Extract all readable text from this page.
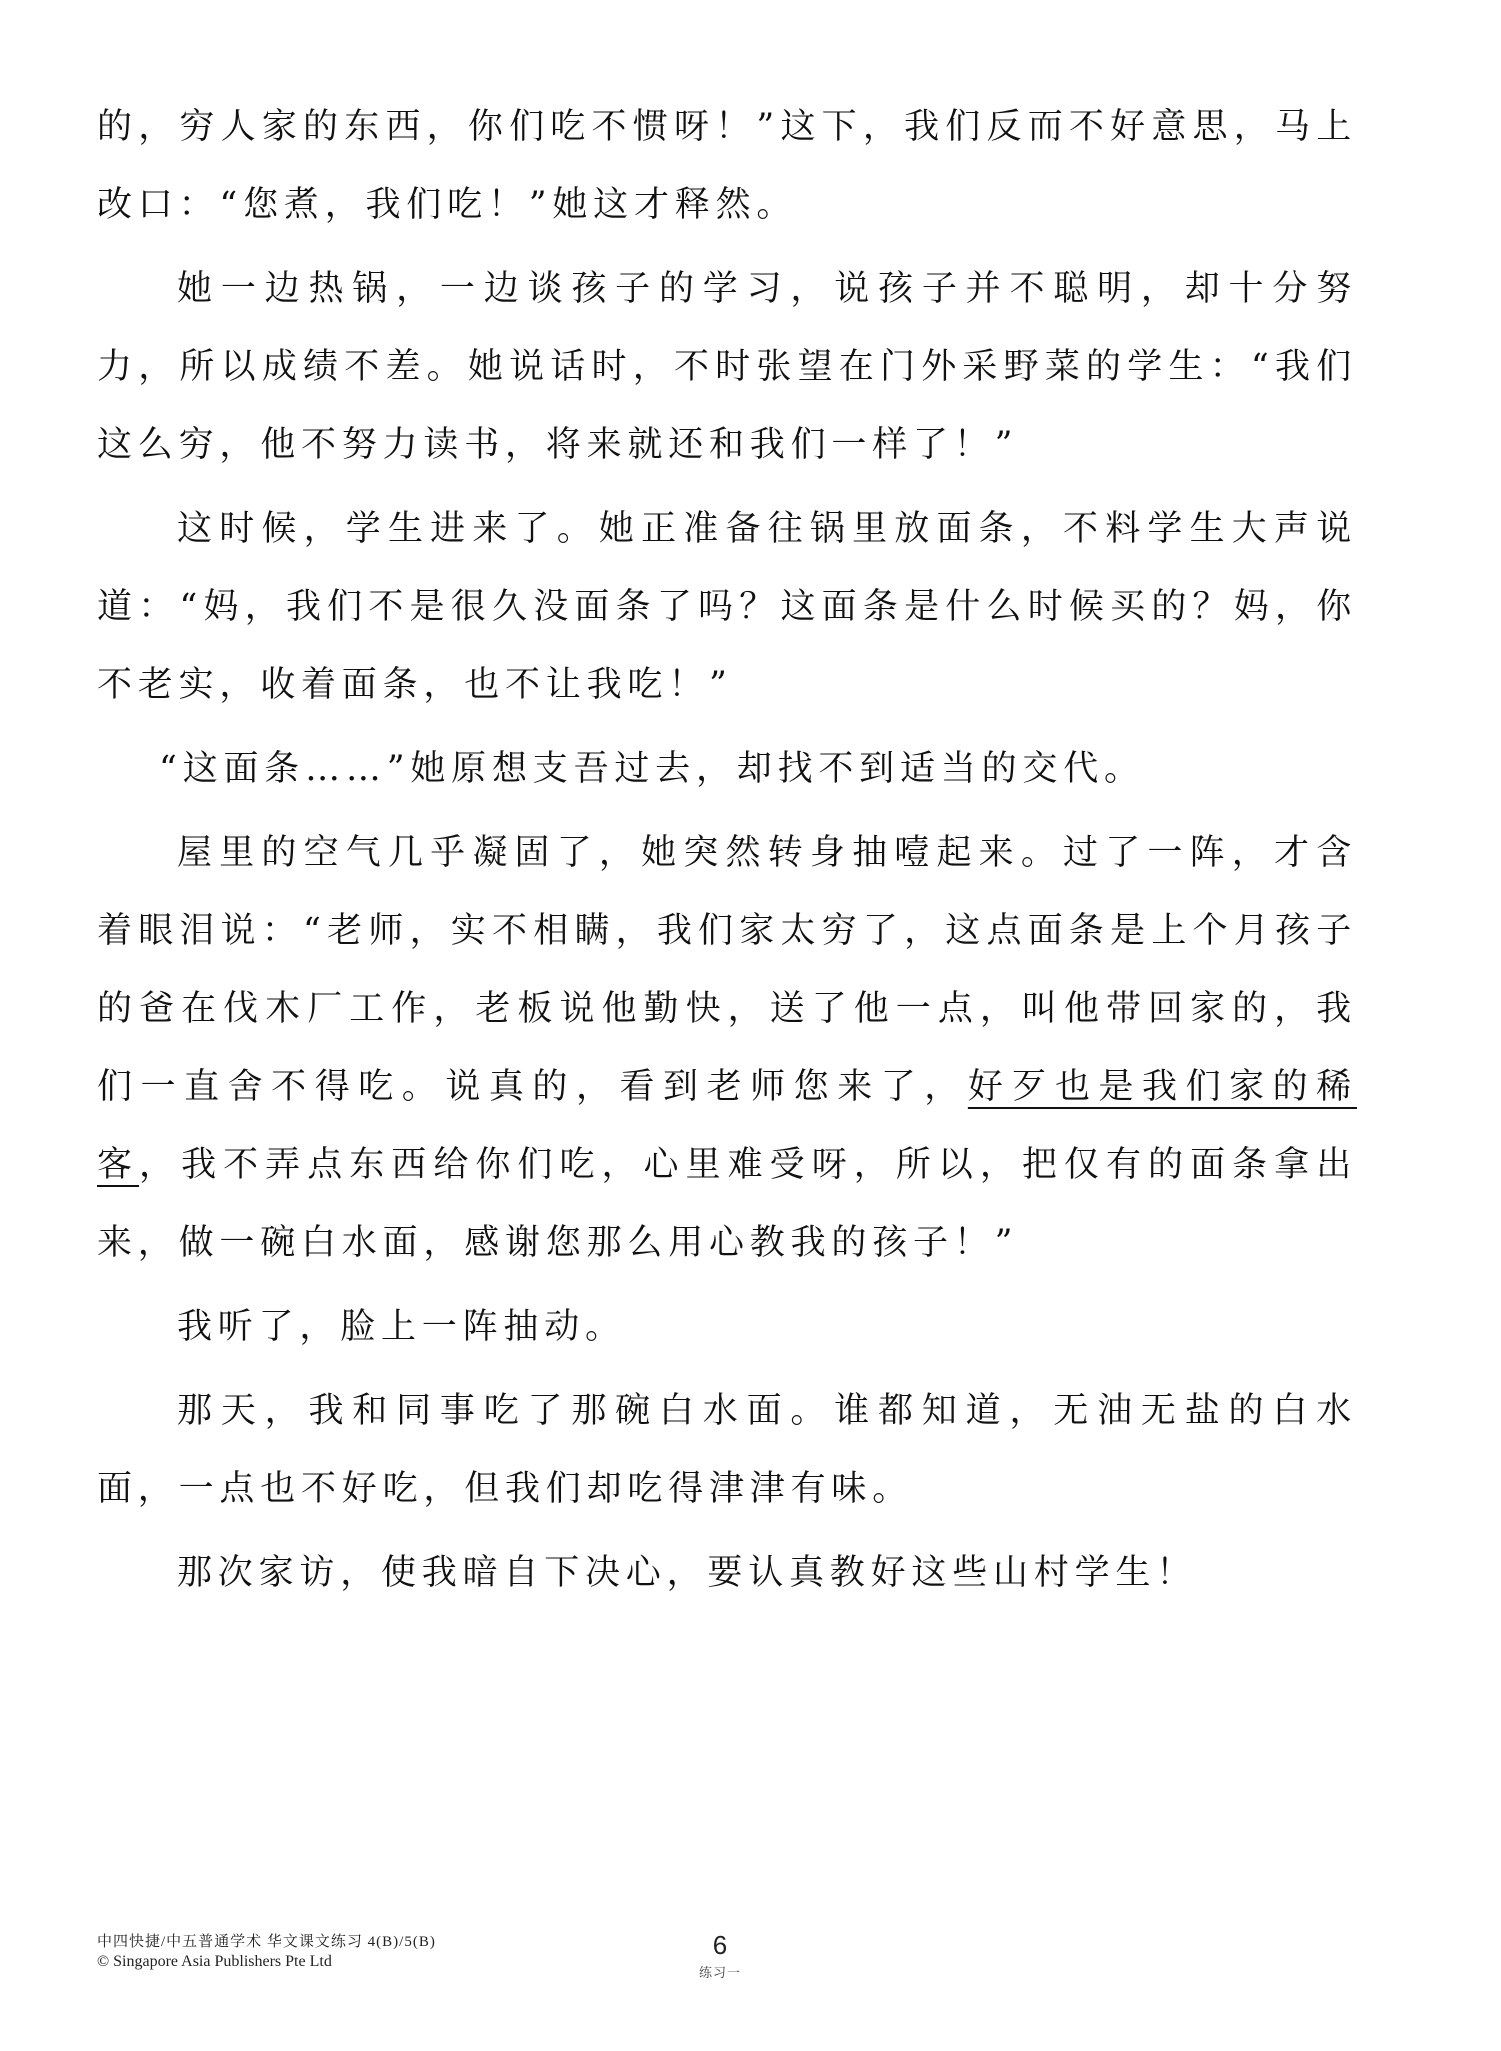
的，穷人家的东西，你们吃不惯呀！”这下，我们反而不好意思，马上改口：“您煮，我们吃！”她这才释然。

她一边热锅，一边谈孩子的学习，说孩子并不聪明，却十分努力，所以成绩不差。她说话时，不时张望在门外采野菜的学生：“我们这么穷，他不努力读书，将来就还和我们一样了！”

这时候，学生进来了。她正准备往锅里放面条，不料学生大声说道：“妈，我们不是很久没面条了吗？这面条是什么时候买的？妈，你不老实，收着面条，也不让我吃！”

“这面条……”她原想支吾过去，却找不到适当的交代。

屋里的空气几乎凝固了，她突然转身抽噎起来。过了一阵，才含着眼泪说：“老师，实不相瞒，我们家太穷了，这点面条是上个月孩子的爸在伐木厂工作，老板说他勤快，送了他一点，叫他带回家的，我们一直舍不得吃。说真的，看到老师您来了，好歹也是我们家的稀客，我不弄点东西给你们吃，心里难受呀，所以，把仅有的面条拿出来，做一碗白水面，感谢您那么用心教我的孩子！”

我听了，脸上一阵抽动。

那天，我和同事吃了那碗白水面。谁都知道，无油无盐的白水面，一点也不好吃，但我们却吃得津津有味。

那次家访，使我暗自下决心，要认真教好这些山村学生！

中四快捷/中五普通学术 华文课文练习 4(B)/5(B)
© Singapore Asia Publishers Pte Ltd
6
练习一
